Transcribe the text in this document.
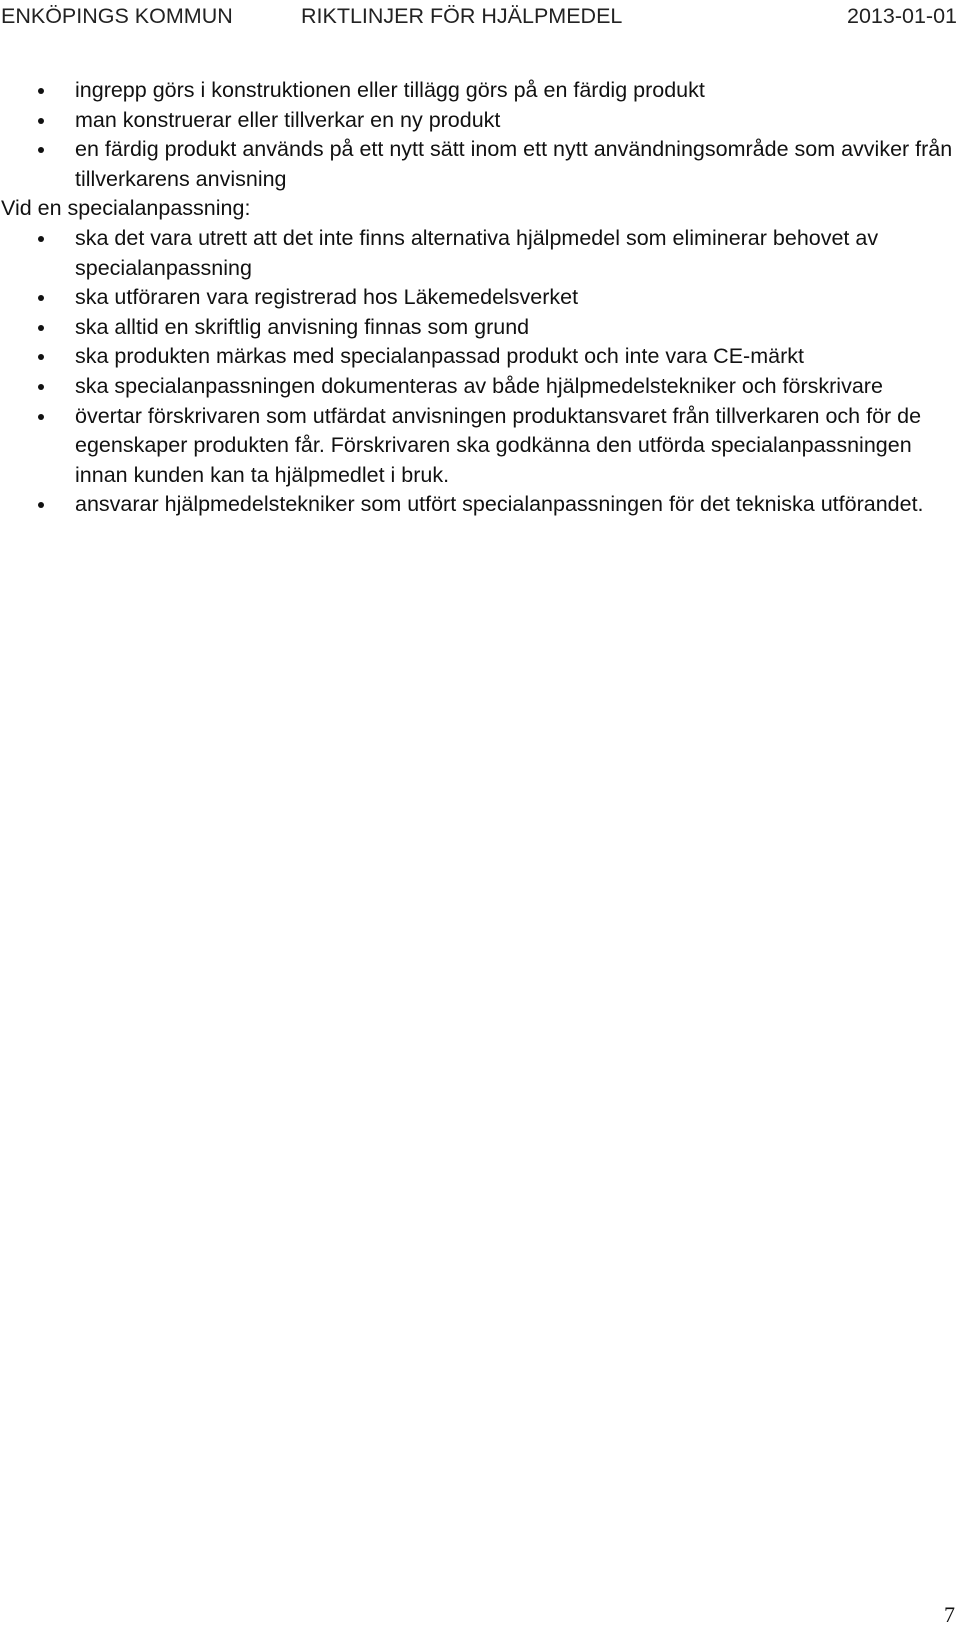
ENKÖPINGS KOMMUN	RIKTLINJER FÖR HJÄLPMEDEL	2013-01-01
ingrepp görs i konstruktionen eller tillägg görs på en färdig produkt
man konstruerar eller tillverkar en ny produkt
en färdig produkt används på ett nytt sätt inom ett nytt användningsområde som avviker från tillverkarens anvisning
Vid en specialanpassning:
ska det vara utrett att det inte finns alternativa hjälpmedel som eliminerar behovet av specialanpassning
ska utföraren vara registrerad hos Läkemedelsverket
ska alltid en skriftlig anvisning finnas som grund
ska produkten märkas med specialanpassad produkt och inte vara CE-märkt
ska specialanpassningen dokumenteras av både hjälpmedelstekniker och förskrivare
övertar förskrivaren som utfärdat anvisningen produktansvaret från tillverkaren och för de egenskaper produkten får. Förskrivaren ska godkänna den utförda specialanpassningen innan kunden kan ta hjälpmedlet i bruk.
ansvarar hjälpmedelstekniker som utfört specialanpassningen för det tekniska utförandet.
7
